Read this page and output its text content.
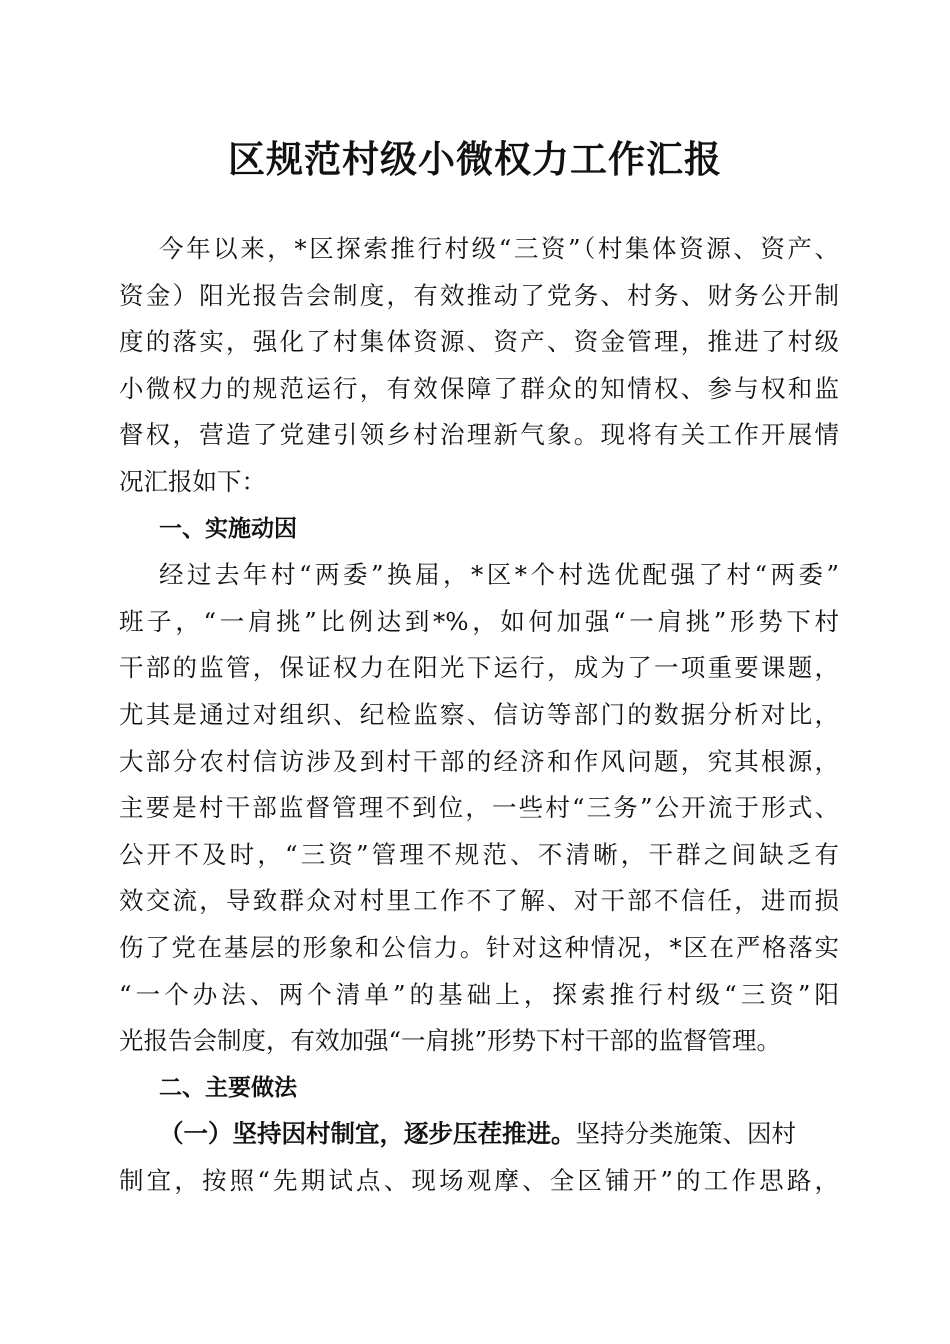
区规范村级小微权力工作汇报
今年以来，*区探索推行村级“三资”（村集体资源、资产、
资金）阳光报告会制度，有效推动了党务、村务、财务公开制
度的落实，强化了村集体资源、资产、资金管理，推进了村级
小微权力的规范运行，有效保障了群众的知情权、参与权和监
督权，营造了党建引领乡村治理新气象。现将有关工作开展情
况汇报如下：
一、实施动因
经过去年村“两委”换届，*区*个村选优配强了村“两委”
班子，“一肩挑”比例达到*%，如何加强“一肩挑”形势下村
干部的监管，保证权力在阳光下运行，成为了一项重要课题，
尤其是通过对组织、纪检监察、信访等部门的数据分析对比，
大部分农村信访涉及到村干部的经济和作风问题，究其根源，
主要是村干部监督管理不到位，一些村“三务”公开流于形式、
公开不及时，“三资”管理不规范、不清晰，干群之间缺乏有
效交流，导致群众对村里工作不了解、对干部不信任，进而损
伤了党在基层的形象和公信力。针对这种情况，*区在严格落实
“一个办法、两个清单”的基础上，探索推行村级“三资”阳
光报告会制度，有效加强“一肩挑”形势下村干部的监督管理。
二、主要做法
（一）坚持因村制宜，逐步压茬推进。坚持分类施策、因村
制宜，按照“先期试点、现场观摩、全区铺开”的工作思路，
